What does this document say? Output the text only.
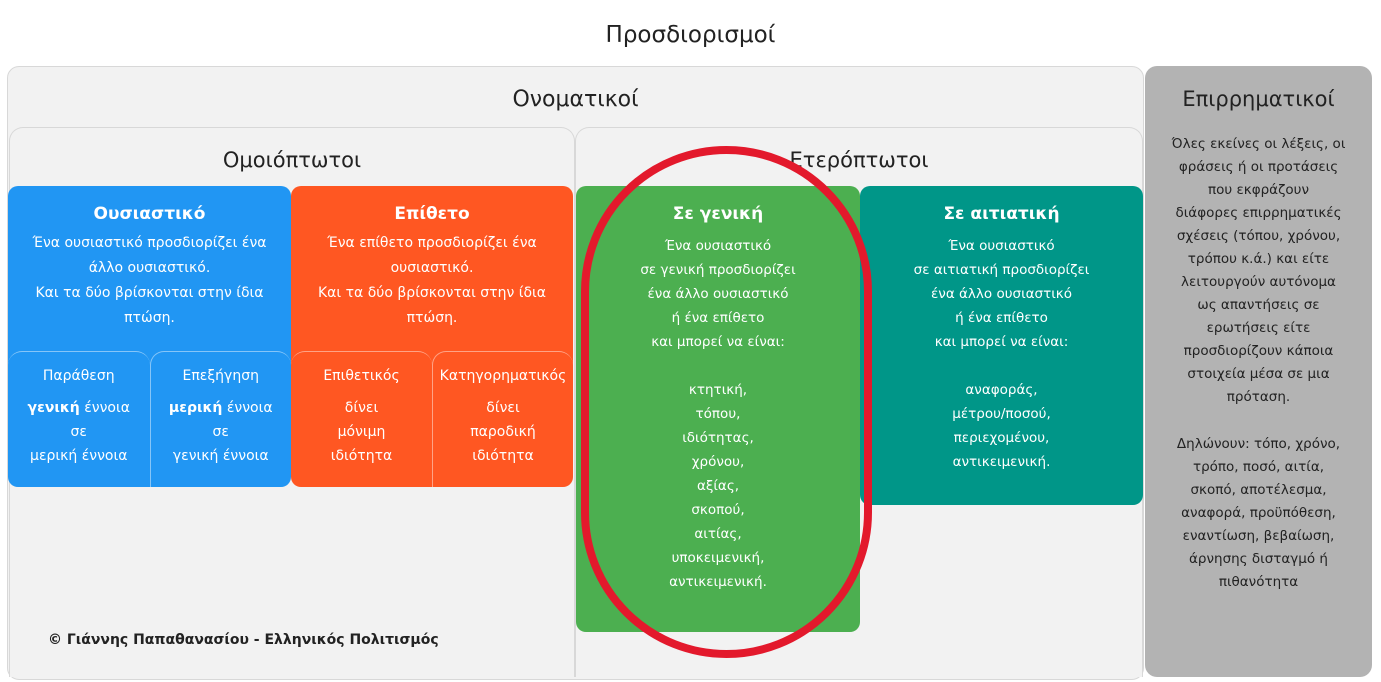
Προσδιορισμοί
Ονοματικοί
Ομοιόπτωτοι	Ετερόπτωτοι
Ουσιαστικό
Ένα ουσιαστικό προσδιορίζει ένα
άλλο ουσιαστικό.
Και τα δύο βρίσκονται στην ίδια
πτώση.
Παράθεση
γενική έννοια
σε
μερική έννοια
Επεξήγηση
μερική έννοια
σε
γενική έννοια
Επίθετο
Ένα επίθετο προσδιορίζει ένα
ουσιαστικό.
Και τα δύο βρίσκονται στην ίδια
πτώση.
Επιθετικός
δίνει
μόνιμη
ιδιότητα
Κατηγορηματικός
δίνει
παροδική
ιδιότητα
Σε γενική
Ένα ουσιαστικό
σε γενική προσδιορίζει
ένα άλλο ουσιαστικό
ή ένα επίθετο
και μπορεί να είναι:
κτητική,
τόπου,
ιδιότητας,
χρόνου,
αξίας,
σκοπού,
αιτίας,
υποκειμενική,
αντικειμενική.
Σε αιτιατική
Ένα ουσιαστικό
σε αιτιατική προσδιορίζει
ένα άλλο ουσιαστικό
ή ένα επίθετο
και μπορεί να είναι:
αναφοράς,
μέτρου/ποσού,
περιεχομένου,
αντικειμενική.
Επιρρηματικοί
Όλες εκείνες οι λέξεις, οι
φράσεις ή οι προτάσεις
που εκφράζουν
διάφορες επιρρηματικές
σχέσεις (τόπου, χρόνου,
τρόπου κ.ά.) και είτε
λειτουργούν αυτόνομα
ως απαντήσεις σε
ερωτήσεις είτε
προσδιορίζουν κάποια
στοιχεία μέσα σε μια
πρόταση.
Δηλώνουν: τόπο, χρόνο,
τρόπο, ποσό, αιτία,
σκοπό, αποτέλεσμα,
αναφορά, προϋπόθεση,
εναντίωση, βεβαίωση,
άρνησης δισταγμό ή
πιθανότητα
© Γιάννης Παπαθανασίου - Ελληνικός Πολιτισμός
